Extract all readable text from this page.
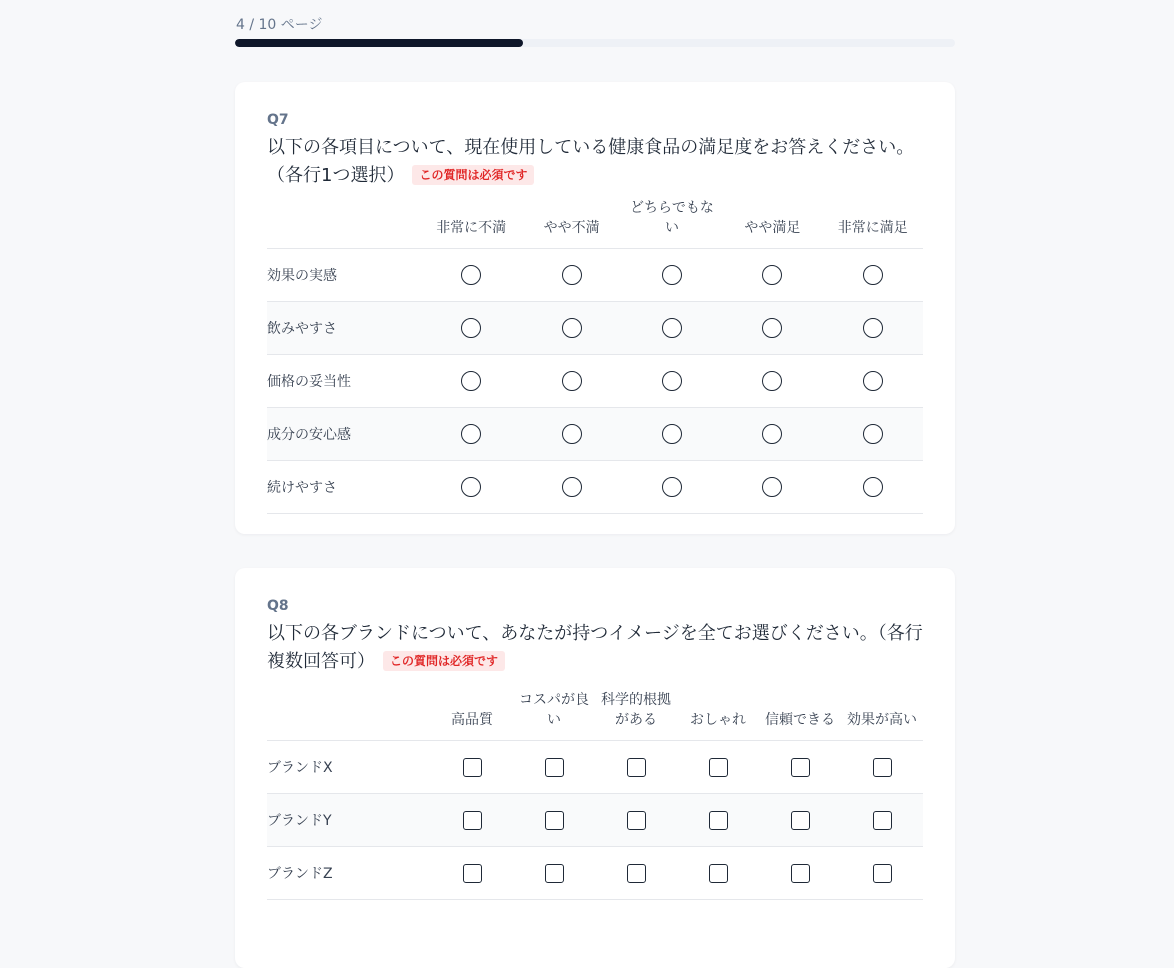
4 / 10 ページ
Q7
以下の各項目について、現在使用している健康食品の満足度をお答えください。（各行1つ選択） この質問は必須です
	非常に不満	やや不満	どちらでもない	やや満足	非常に満足
効果の実感					
飲みやすさ					
価格の妥当性					
成分の安心感					
続けやすさ					
Q8
以下の各ブランドについて、あなたが持つイメージを全てお選びください。（各行複数回答可） この質問は必須です
	高品質	コスパが良い	科学的根拠がある	おしゃれ	信頼できる	効果が高い
ブランドX						
ブランドY						
ブランドZ						
